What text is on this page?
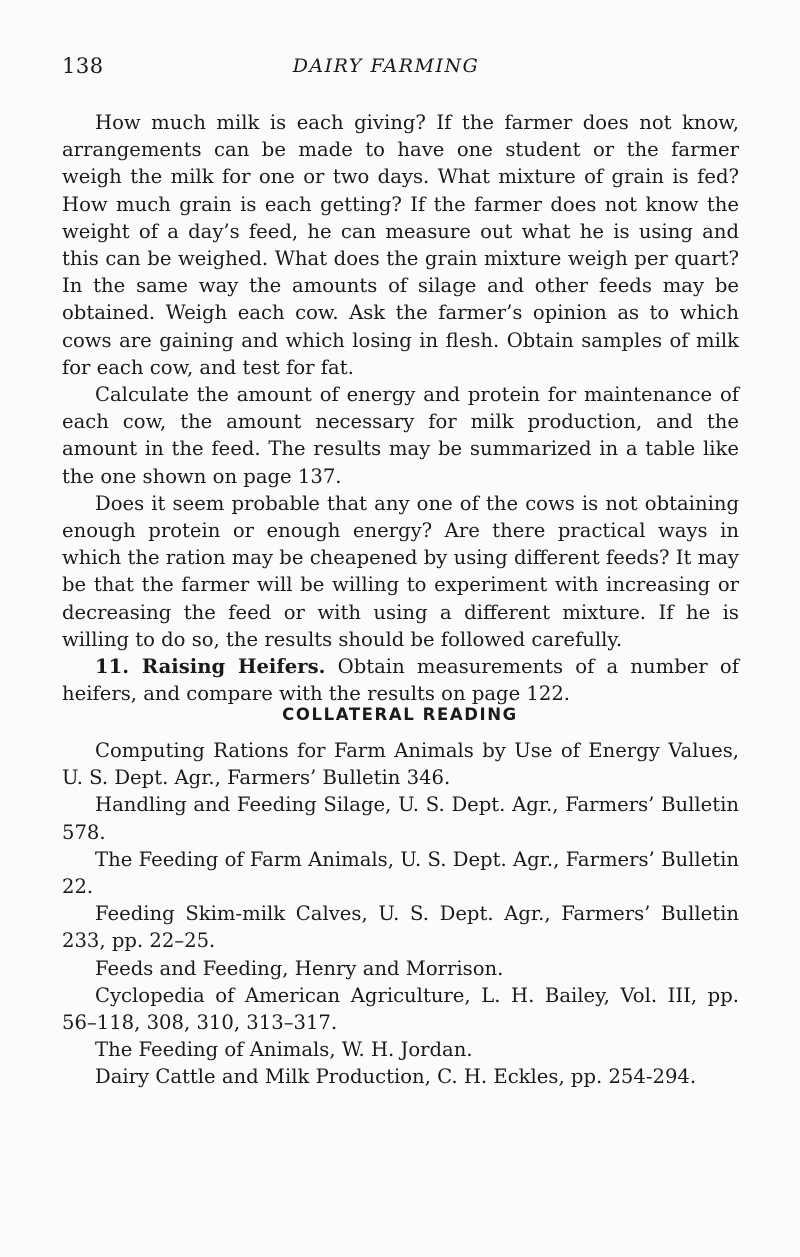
138	DAIRY FARMING

How much milk is each giving? If the farmer does not know, arrangements can be made to have one student or the farmer weigh the milk for one or two days. What mixture of grain is fed? How much grain is each getting? If the farmer does not know the weight of a day’s feed, he can measure out what he is using and this can be weighed. What does the grain mixture weigh per quart? In the same way the amounts of silage and other feeds may be obtained. Weigh each cow. Ask the farmer’s opinion as to which cows are gaining and which losing in flesh. Obtain samples of milk for each cow, and test for fat.

Calculate the amount of energy and protein for maintenance of each cow, the amount necessary for milk production, and the amount in the feed. The results may be summarized in a table like the one shown on page 137.

Does it seem probable that any one of the cows is not obtaining enough protein or enough energy? Are there practical ways in which the ration may be cheapened by using different feeds? It may be that the farmer will be willing to experiment with increasing or decreasing the feed or with using a different mixture. If he is willing to do so, the results should be followed carefully.

11. Raising Heifers. Obtain measurements of a number of heifers, and compare with the results on page 122.

COLLATERAL READING
Computing Rations for Farm Animals by Use of Energy Values, U. S. Dept. Agr., Farmers’ Bulletin 346.
Handling and Feeding Silage, U. S. Dept. Agr., Farmers’ Bulletin 578.
The Feeding of Farm Animals, U. S. Dept. Agr., Farmers’ Bulletin 22.
Feeding Skim-milk Calves, U. S. Dept. Agr., Farmers’ Bulletin 233, pp. 22–25.
Feeds and Feeding, Henry and Morrison.
Cyclopedia of American Agriculture, L. H. Bailey, Vol. III, pp. 56–118, 308, 310, 313–317.
The Feeding of Animals, W. H. Jordan.
Dairy Cattle and Milk Production, C. H. Eckles, pp. 254-294.
